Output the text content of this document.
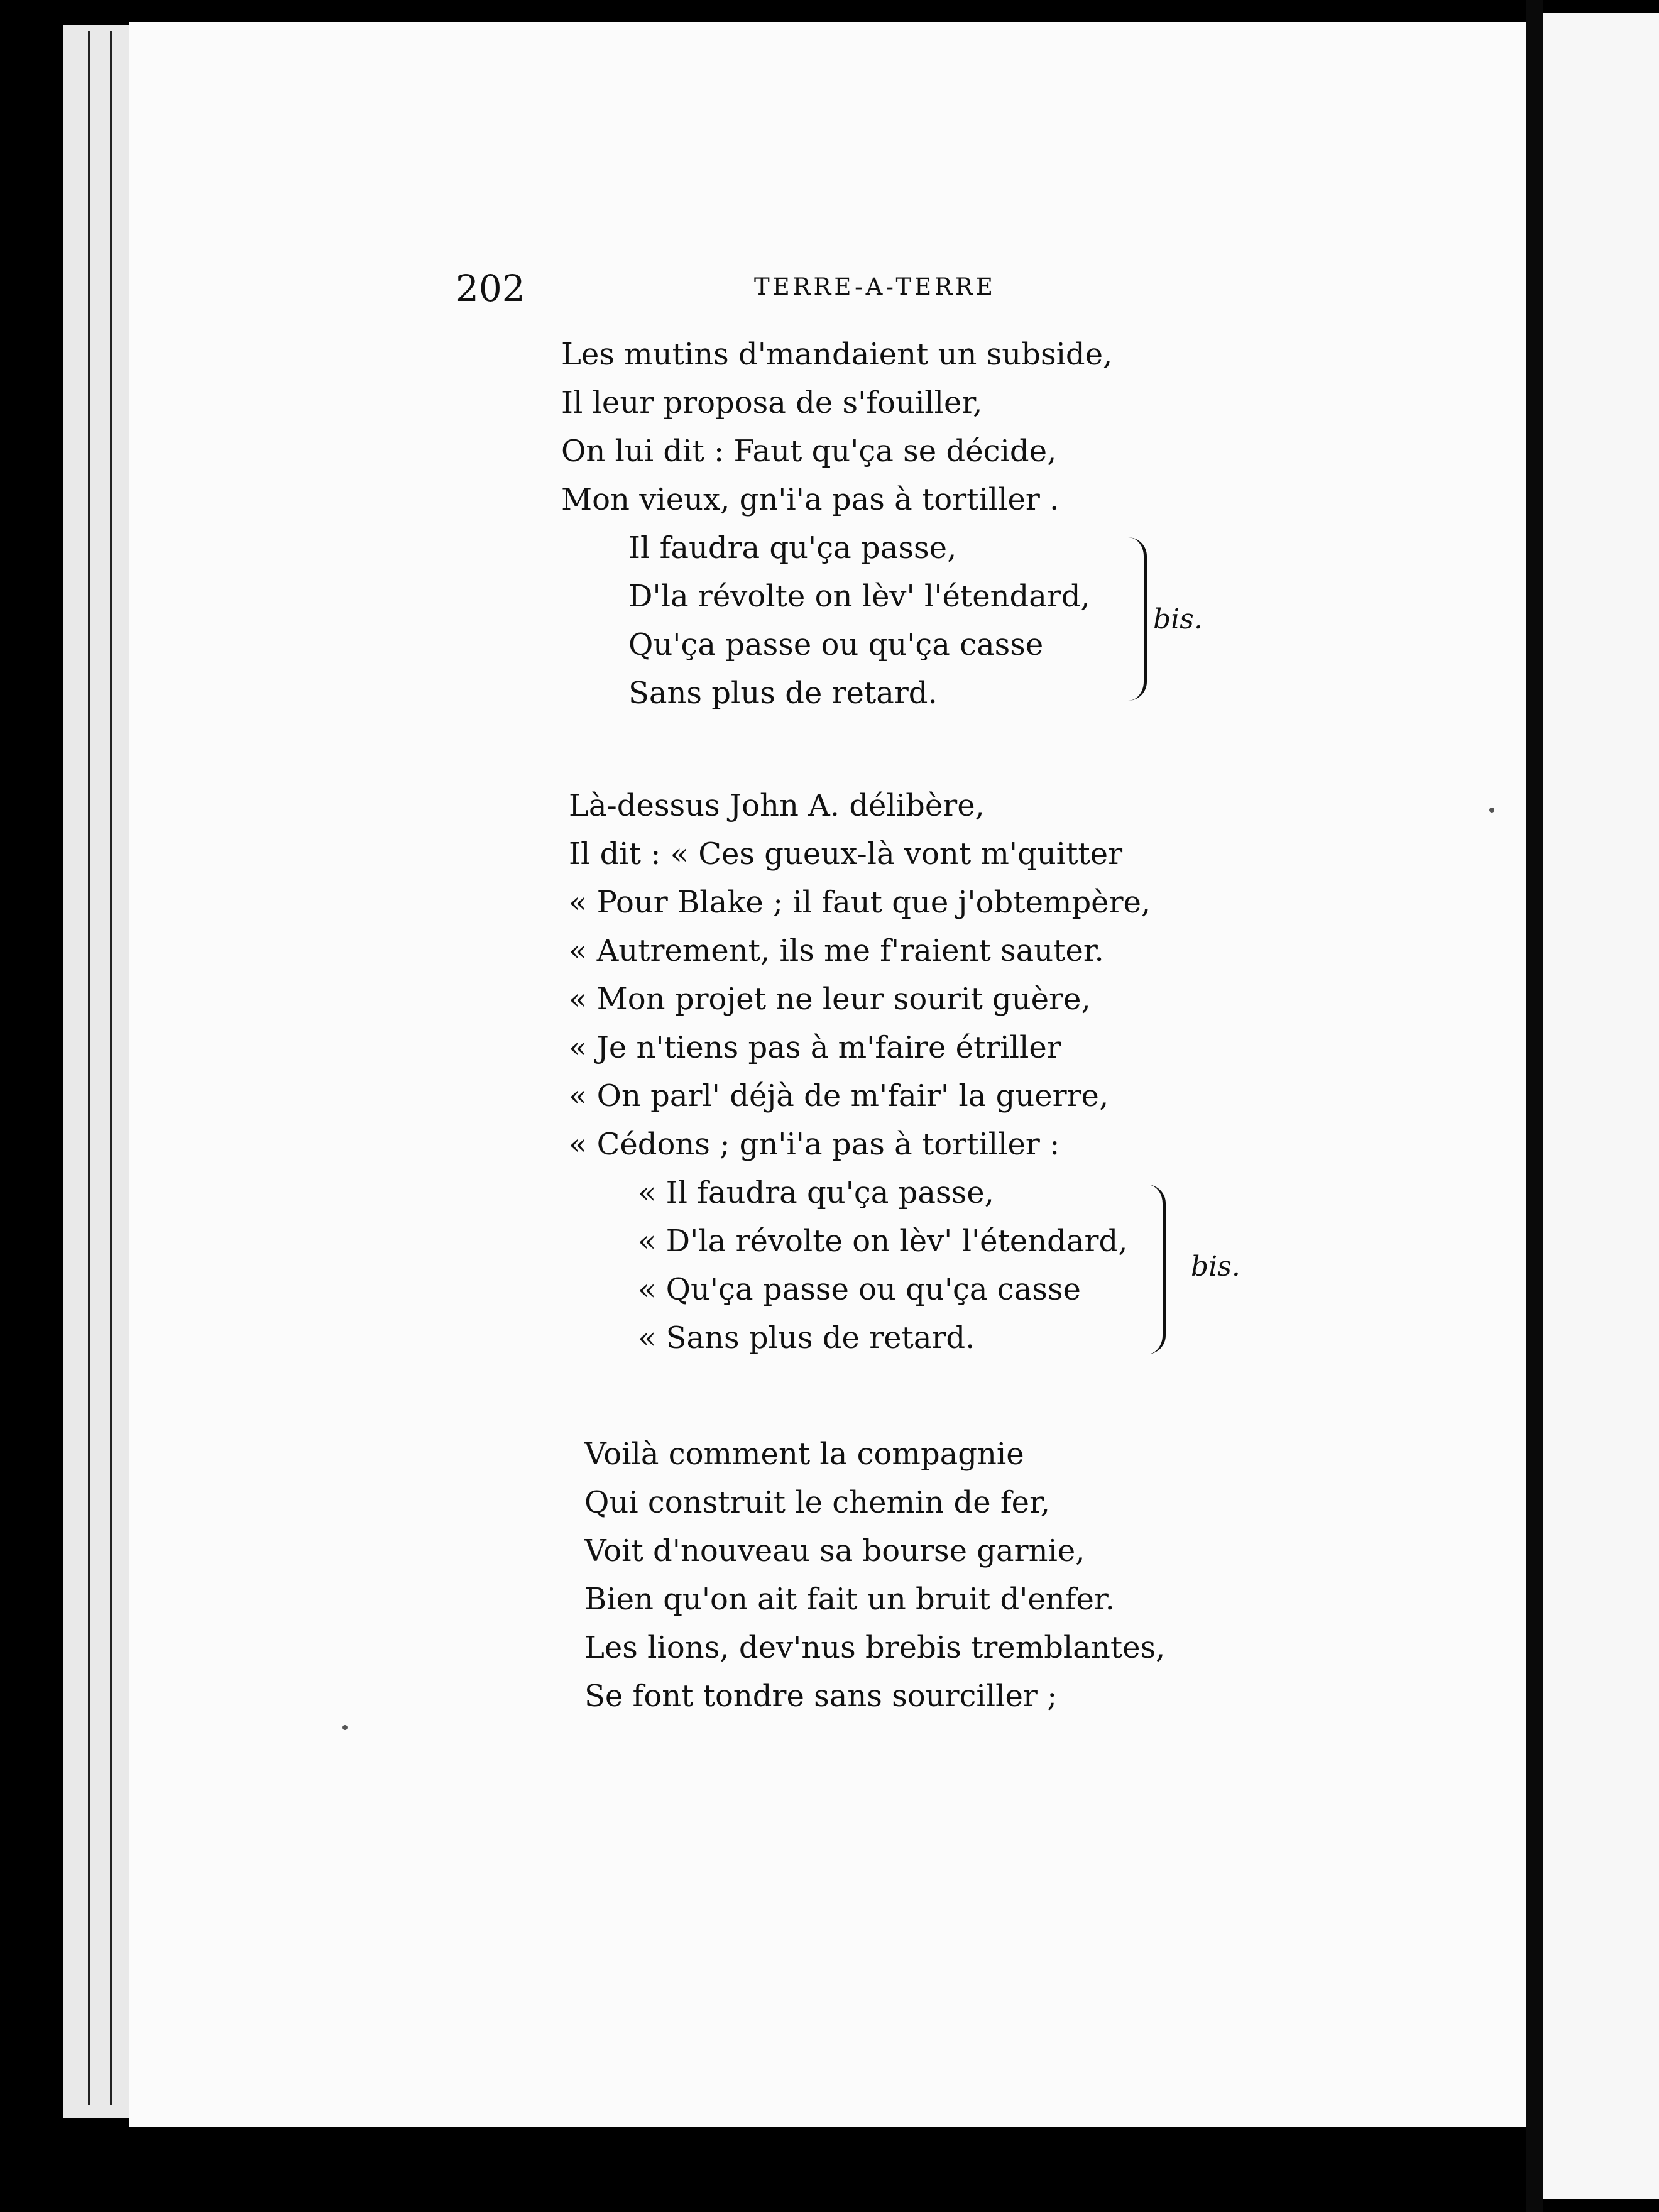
202	TERRE-A-TERRE
Les mutins d'mandaient un subside,
Il leur proposa de s'fouiller,
On lui dit : Faut qu'ça se décide,
Mon vieux, gn'i'a pas à tortiller .
Il faudra qu'ça passe,
D'la révolte on lèv' l'étendard,
Qu'ça passe ou qu'ça casse
Sans plus de retard.
bis.
Là-dessus John A. délibère,
Il dit : « Ces gueux-là vont m'quitter
« Pour Blake ; il faut que j'obtempère,
« Autrement, ils me f'raient sauter.
« Mon projet ne leur sourit guère,
« Je n'tiens pas à m'faire étriller
« On parl' déjà de m'fair' la guerre,
« Cédons ; gn'i'a pas à tortiller :
« Il faudra qu'ça passe,
« D'la révolte on lèv' l'étendard,
« Qu'ça passe ou qu'ça casse
« Sans plus de retard.
bis.
Voilà comment la compagnie
Qui construit le chemin de fer,
Voit d'nouveau sa bourse garnie,
Bien qu'on ait fait un bruit d'enfer.
Les lions, dev'nus brebis tremblantes,
Se font tondre sans sourciller ;
